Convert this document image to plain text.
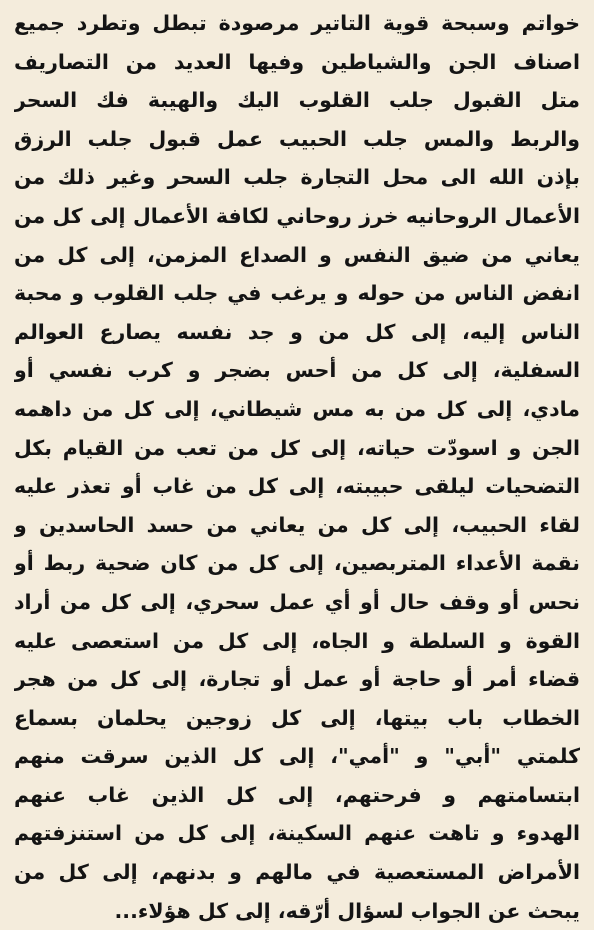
خواتم وسبحة قوية التاتير مرصودة تبطل وتطرد جميع
اصناف الجن والشياطين وفيها العديد من التصاريف
متل القبول جلب القلوب اليك والهيبة فك السحر
والربط والمس جلب الحبيب عمل قبول جلب الرزق
بإذن الله الى محل التجارة جلب السحر وغير ذلك من
الأعمال الروحانيه خرز روحاني لكافة الأعمال إلى كل من
يعاني من ضيق النفس و الصداع المزمن، إلى كل من
انفض الناس من حوله و يرغب في جلب القلوب و محبة
الناس إليه، إلى كل من و جد نفسه يصارع العوالم
السفلية، إلى كل من أحس بضجر و كرب نفسي أو
مادي، إلى كل من به مس شيطاني، إلى كل من داهمه
الجن و اسودّت حياته، إلى كل من تعب من القيام بكل
التضحيات ليلقى حبيبته، إلى كل من غاب أو تعذر عليه
لقاء الحبيب، إلى كل من يعاني من حسد الحاسدين و
نقمة الأعداء المتربصين، إلى كل من كان ضحية ربط أو
نحس أو وقف حال أو أي عمل سحري، إلى كل من أراد
القوة و السلطة و الجاه، إلى كل من استعصى عليه
قضاء أمر أو حاجة أو عمل أو تجارة، إلى كل من هجر
الخطاب باب بيتها، إلى كل زوجين يحلمان بسماع
كلمتي "أبي" و "أمي"، إلى كل الذين سرقت منهم
ابتسامتهم و فرحتهم، إلى كل الذين غاب عنهم
الهدوء و تاهت عنهم السكينة، إلى كل من استنزفتهم
الأمراض المستعصية في مالهم و بدنهم، إلى كل من
يبحث عن الجواب لسؤال أرّقه، إلى كل هؤلاء...
